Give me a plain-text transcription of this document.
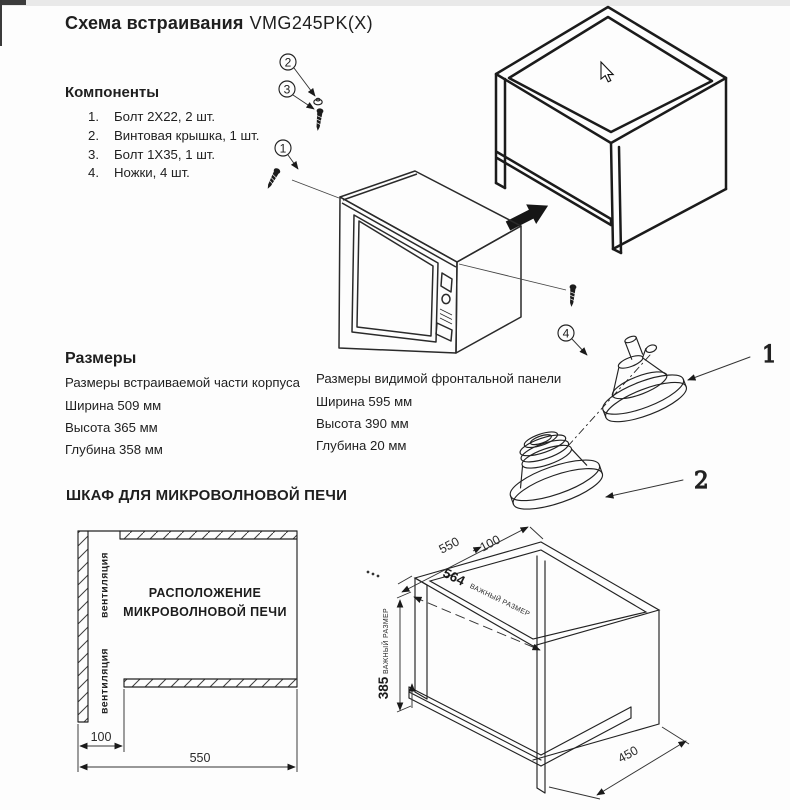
Схема встраивания VMG245PK(X)
Компоненты
1. Болт 2X22, 2 шт.
2. Винтовая крышка, 1 шт.
3. Болт 1X35, 1 шт.
4. Ножки, 4 шт.
Размеры
Размеры встраиваемой части корпуса
Ширина 509 мм
Высота 365 мм
Глубина 358 мм
Размеры видимой фронтальной панели
Ширина 595 мм
Высота 390 мм
Глубина 20 мм
ШКАФ ДЛЯ МИКРОВОЛНОВОЙ ПЕЧИ
2
3
1
4
1
2
100
550
вентиляция
вентиляция
РАСПОЛОЖЕНИЕ
МИКРОВОЛНОВОЙ ПЕЧИ
550 100
564
ВАЖНЫЙ РАЗМЕР
385
ВАЖНЫЙ РАЗМЕР
450
